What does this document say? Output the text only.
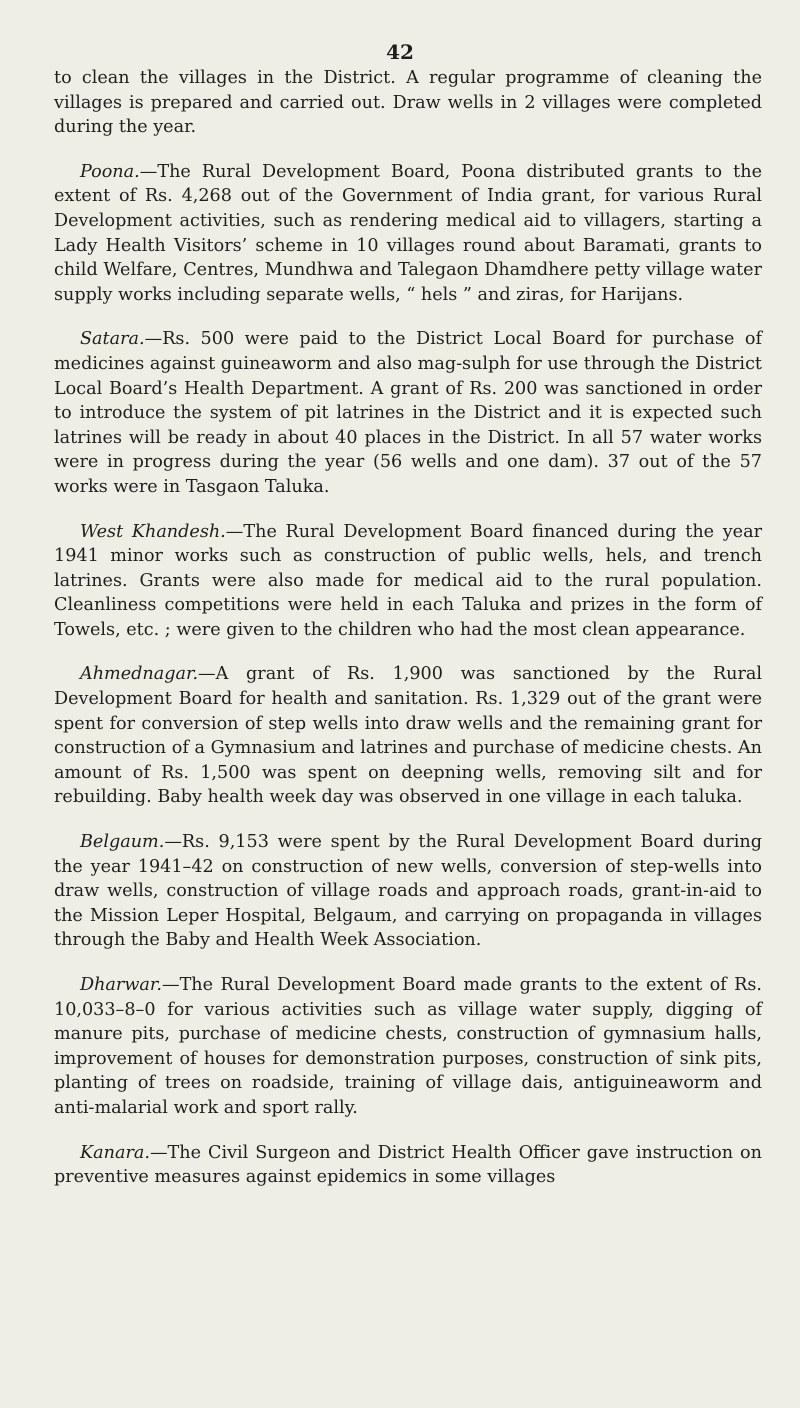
42

to clean the villages in the District. A regular programme of cleaning the villages is prepared and carried out. Draw wells in 2 villages were completed during the year.

Poona.—The Rural Development Board, Poona distributed grants to the extent of Rs. 4,268 out of the Government of India grant, for various Rural Development activities, such as rendering medical aid to villagers, starting a Lady Health Visitors’ scheme in 10 villages round about Baramati, grants to child Welfare, Centres, Mundhwa and Talegaon Dhamdhere petty village water supply works including separate wells, “ hels ” and ziras, for Harijans.

Satara.—Rs. 500 were paid to the District Local Board for purchase of medicines against guineaworm and also mag-sulph for use through the District Local Board’s Health Department. A grant of Rs. 200 was sanctioned in order to introduce the system of pit latrines in the District and it is expected such latrines will be ready in about 40 places in the District. In all 57 water works were in progress during the year (56 wells and one dam). 37 out of the 57 works were in Tasgaon Taluka.

West Khandesh.—The Rural Development Board financed during the year 1941 minor works such as construction of public wells, hels, and trench latrines. Grants were also made for medical aid to the rural population. Cleanliness competitions were held in each Taluka and prizes in the form of Towels, etc. ; were given to the children who had the most clean appearance.

Ahmednagar.—A grant of Rs. 1,900 was sanctioned by the Rural Development Board for health and sanitation. Rs. 1,329 out of the grant were spent for conversion of step wells into draw wells and the remaining grant for construction of a Gymnasium and latrines and purchase of medicine chests. An amount of Rs. 1,500 was spent on deepning wells, removing silt and for rebuilding. Baby health week day was observed in one village in each taluka.

Belgaum.—Rs. 9,153 were spent by the Rural Development Board during the year 1941–42 on construction of new wells, conversion of step-wells into draw wells, construction of village roads and approach roads, grant-in-aid to the Mission Leper Hospital, Belgaum, and carrying on propaganda in villages through the Baby and Health Week Association.

Dharwar.—The Rural Development Board made grants to the extent of Rs. 10,033–8–0 for various activities such as village water supply, digging of manure pits, purchase of medicine chests, construction of gymnasium halls, improvement of houses for demonstration purposes, construction of sink pits, planting of trees on roadside, training of village dais, antiguineaworm and anti-malarial work and sport rally.

Kanara.—The Civil Surgeon and District Health Officer gave instruction on preventive measures against epidemics in some villages
